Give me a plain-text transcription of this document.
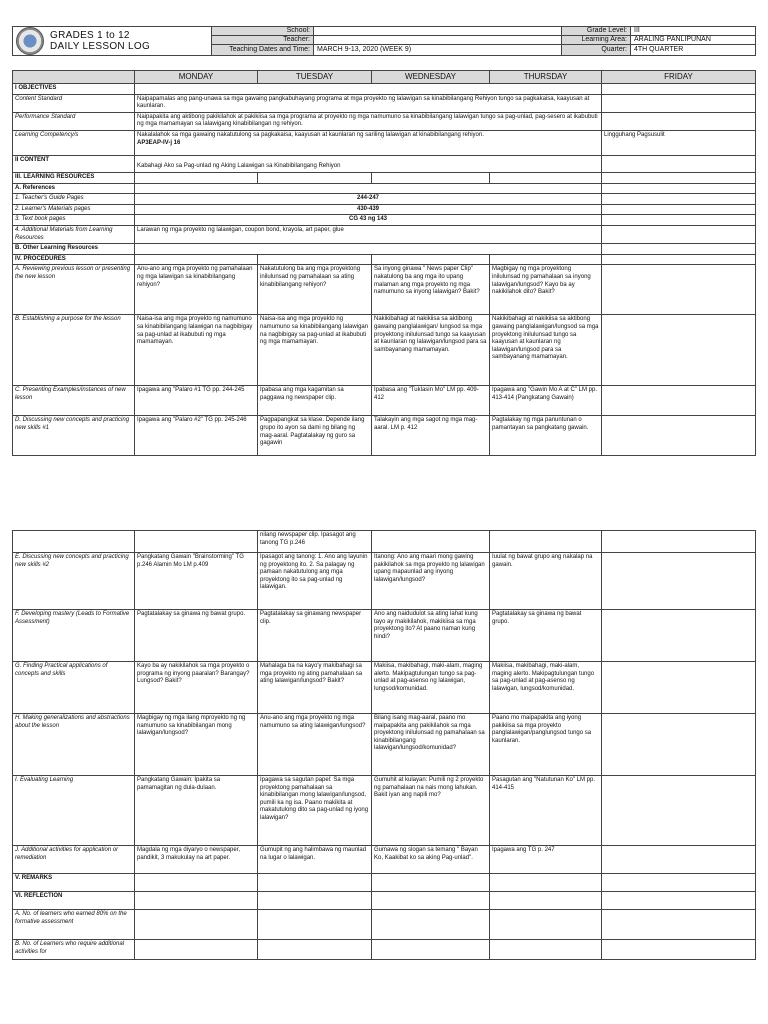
GRADES 1 to 12
DAILY LESSON LOG	School:		Grade Level:	III
	Teacher:		Learning Area:	ARALING PANLIPUNAN
	Teaching Dates and Time:	MARCH 9-13, 2020 (WEEK 9)	Quarter:	4TH QUARTER

	MONDAY	TUESDAY	WEDNESDAY	THURSDAY	FRIDAY
I OBJECTIVES					
Content Standard	Naipapamalas ang pang-unawa sa mga gawaing pangkabuhayang programa at mga proyekto ng lalawigan sa kinabibilangang Rehiyon tungo sa pagkakaisa, kaayusan at kaunlaran.				
Performance Standard	Naipapakita ang aktibong pakikilahok at pakikiisa sa mga programa at proyekto ng mga namumuno sa kinabibilangang lalawigan tungo sa pag-unlad, pag-sesero at ikabubuti ng mga mamamayan sa lalawigang kinabibilangan ng rehiyon.				
Learning Competency/s	Nakalalahok sa mga gawaing nakatutulong sa pagkakaisa, kaayusan at kaunlaran ng sariling lalawigan at kinabibilangang rehiyon.
AP3EAP-IV-j 16				Lingguhang Pagsusulit
II CONTENT	Kabahagi Ako sa Pag-unlad ng Aking Lalawigan sa Kinabibilangang Rehiyon				
III. LEARNING RESOURCES					
A. References					
1. Teacher's Guide Pages	244-247				
2. Learner's Materials pages	430-439				
3. Text book pages	CG 43 ng 143				
4. Additional Materials from Learning Resources	Larawan ng mga proyekto ng lalawigan, coupon bond, krayola, art paper, glue				
B. Other Learning Resources					
IV. PROCEDURES					
A. Reviewing previous lesson or presenting the new lesson	Anu-ano ang mga proyekto ng pamahalaan ng mga lalawigan sa kinabibilangang rehiyon?	Nakatutulong ba ang mga proyektong inilulunsad ng pamahalaan sa ating kinabibilangang rehiyon?	Sa inyong ginawa " News paper Clip" nakatulong ba ang mga ito upang malaman ang mga proyekto ng mga namumuno sa inyong lalawigan? Bakit?	Magbigay ng mga proyektong inilulunsad ng pamahalaan sa inyong lalawigan/lungsod? Kayo ba ay nakikilahok dito? Bakit?	
B. Establishing a purpose for the lesson	Naisa-isa ang mga proyekto ng namumuno sa kinabibilangang lalawigan na nagbibigay sa pag-unlad at ikabubuti ng mga mamamayan.	Naisa-isa ang mga proyekto ng namumuno sa kinabibilangang lalawigan na nagbibigay sa pag-unlad at ikabubuti ng mga mamamayan.	Nakikibahagi at nakikiisa sa aktibong gawaing panglalawigan/ lungsod sa mga proyektong inilulunsad tungo sa kaayusan at kaunlaran ng lalawigan/lungsod para sa sambayanang mamamayan.	Nakikibahagi at nakikiisa sa aktibong gawaing panglalawigan/lungsod sa mga proyektong inilulunsad tungo sa kaayusan at kaunlaran ng lalawigan/lungsod para sa sambayanang mamamayan.	
C. Presenting Examples/instances of new lesson	Ipagawa ang "Palaro #1 TG pp. 244-245	Ipabasa ang mga kagamitan sa paggawa ng newspaper clip.	Ipabasa ang "Tuklasin Mo" LM pp. 409-412	Ipagawa ang "Gawin Mo A at C" LM pp. 413-414 (Pangkatang Gawain)	
D. Discussing new concepts and practicing new skills #1	Ipagawa ang "Palaro #2" TG pp. 245-246	Pagpapangkat sa klase. Depende ilang grupo ito ayon sa dami ng bilang ng mag-aaral. Pagtatalakay ng guro sa gagawin	Talakayin ang mga sagot ng mga mag-aaral. LM p. 412	Pagtalakay ng mga panuntunan o pamantayan sa pangkatang gawain.	
		nilang newspaper clip. Ipasagot ang tanong TG p.246			
E. Discussing new concepts and practicing new skills #2	Pangkatang Gawain "Brainstorming" TG p.246 Alamin Mo LM p.409	Ipasagot ang tanong: 1. Ano ang layunin ng proyektong ito. 2. Sa palagay ng pamaan nakatutulong ang mga proyektong ito sa pag-unlad ng lalawigan.	Itanong: Ano ang maari mong gawing pakikilahok sa mga proyekto ng lalawigan upang mapaunlad ang inyong lalawigan/lungsod?	Iuulat ng bawat grupo ang nakalap na gawain.	
F. Developing mastery (Leads to Formative Assessment)	Pagtatalakay sa ginawa ng bawat grupo.	Pagtatalakay sa ginawang newspaper clip.	Ano ang naidudulot sa ating lahat kung tayo ay makikilahok, makikiisa sa mga proyektong ito? At paano naman kung hindi?	Pagtatalakay sa ginawa ng bawat grupo.	
G. Finding Practical applications of concepts and skills	Kayo ba ay nakikilahok sa mga proyekto o programa ng inyong paaralan? Barangay? Lungsod? Bakit?	Mahalaga ba na kayo'y makibahagi sa mga proyekto ng ating pamahalaan sa ating lalawigan/lungsod? Bakit?	Makiisa, makibahagi, maki-alam, maging alerto. Makipagtulungan tungo sa pag-unlad at pag-asenso ng lalawigan, lungsod/komunidad.	Makiisa, makibahagi, maki-alam, maging alerto. Makipagtulungan tungo sa pag-unlad at pag-asenso ng lalawigan, lungsod/komunidad.	
H. Making generalizations and abstractions about the lesson	Magbigay ng mga ilang mproyekto ng ng namumuno sa kinabibilangan mong lalawigan/lungsod?	Anu-ano ang mga proyekto ng mga namumuno sa ating lalawigan/lungsod?	Bilang isang mag-aaral, paano mo maipapakita ang pakikilahok sa mga proyektong inilulunsad ng pamahalaan sa kinabibilangang lalawigan/lungsod/komunidad?	Paano mo maipapakita ang iyong pakikiisa sa mga proyekto panglalawigan/panglungsod tungo sa kaunlaran.	
I. Evaluating Learning	Pangkatang Gawain: Ipakita sa pamamagitan ng dula-dulaan.	Ipagawa sa sagutan papel: Sa mga proyektong pamahalaan sa kinabibilangan mong lalawigan/lungsod, pumili ka ng isa. Paano makikita at makatutulong dito sa pag-unlad ng iyong lalawigan?	Gumuhit at kulayan: Pumili ng 2 proyekto ng pamahalaan na nais mong lahukan. Bakit iyan ang napili mo?	Pasagutan ang "Natutunan Ko" LM pp. 414-415	
J. Additional activities for application or remediation	Magdala ng mga diyaryo o newspaper, pandikit, 3 makukulay na art paper.	Gumupit ng ang halimbawa ng maunlad na lugar o lalawigan.	Gumawa ng slogan sa temang " Bayan Ko, Kaakibat ko sa aking Pag-unlad".	Ipagawa ang TG p. 247	
V. REMARKS					
VI. REFLECTION					
A. No. of learners who earned 80% on the formative assessment					
B. No. of Learners who require additional activities for					
